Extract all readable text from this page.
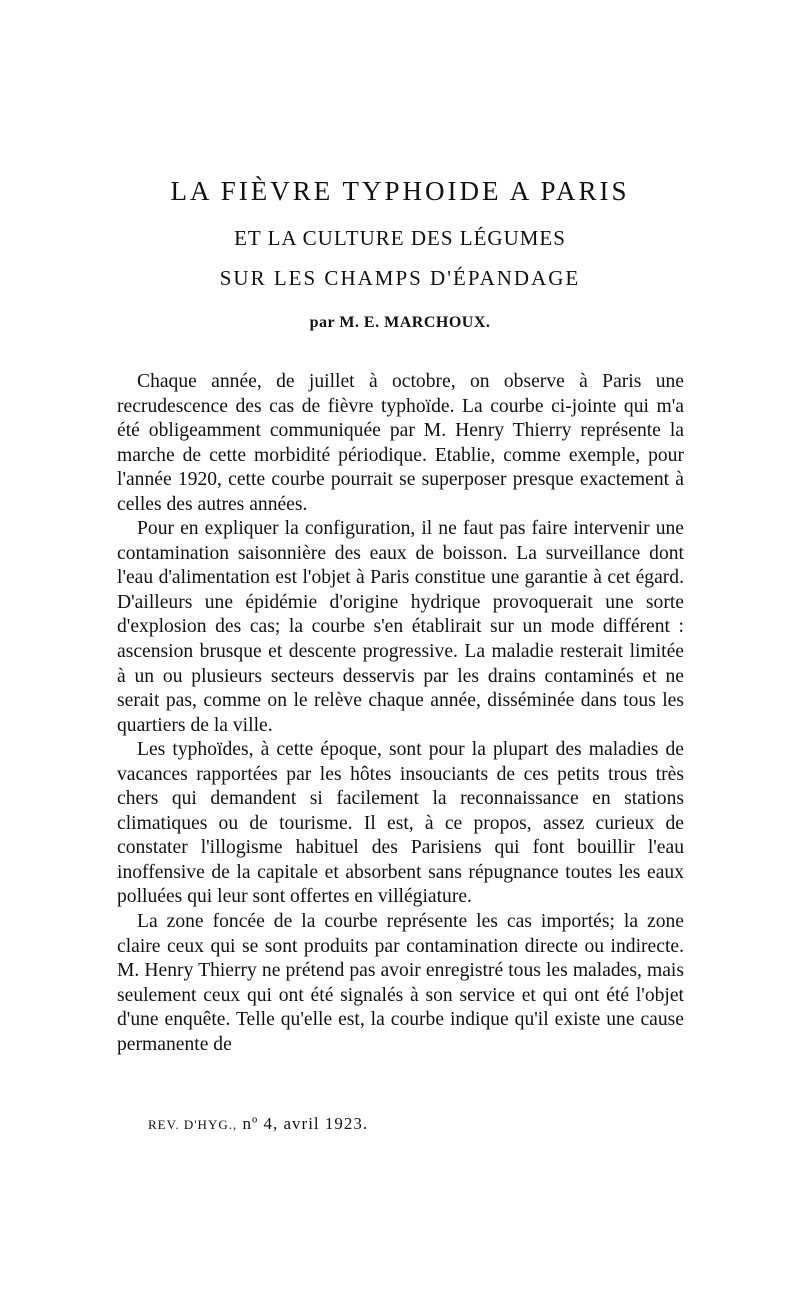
LA FIÈVRE TYPHOIDE A PARIS
ET LA CULTURE DES LÉGUMES
SUR LES CHAMPS D'ÉPANDAGE
par M. E. MARCHOUX.

Chaque année, de juillet à octobre, on observe à Paris une recrudescence des cas de fièvre typhoïde. La courbe ci-jointe qui m'a été obligeamment communiquée par M. Henry Thierry représente la marche de cette morbidité périodique. Etablie, comme exemple, pour l'année 1920, cette courbe pourrait se superposer presque exactement à celles des autres années.

Pour en expliquer la configuration, il ne faut pas faire intervenir une contamination saisonnière des eaux de boisson. La surveillance dont l'eau d'alimentation est l'objet à Paris constitue une garantie à cet égard. D'ailleurs une épidémie d'origine hydrique provoquerait une sorte d'explosion des cas; la courbe s'en établirait sur un mode différent : ascension brusque et descente progressive. La maladie resterait limitée à un ou plusieurs secteurs desservis par les drains contaminés et ne serait pas, comme on le relève chaque année, disséminée dans tous les quartiers de la ville.

Les typhoïdes, à cette époque, sont pour la plupart des maladies de vacances rapportées par les hôtes insouciants de ces petits trous très chers qui demandent si facilement la reconnaissance en stations climatiques ou de tourisme. Il est, à ce propos, assez curieux de constater l'illogisme habituel des Parisiens qui font bouillir l'eau inoffensive de la capitale et absorbent sans répugnance toutes les eaux polluées qui leur sont offertes en villégiature.

La zone foncée de la courbe représente les cas importés; la zone claire ceux qui se sont produits par contamination directe ou indirecte. M. Henry Thierry ne prétend pas avoir enregistré tous les malades, mais seulement ceux qui ont été signalés à son service et qui ont été l'objet d'une enquête. Telle qu'elle est, la courbe indique qu'il existe une cause permanente de

REV. D'HYG., nº 4, avril 1923.
